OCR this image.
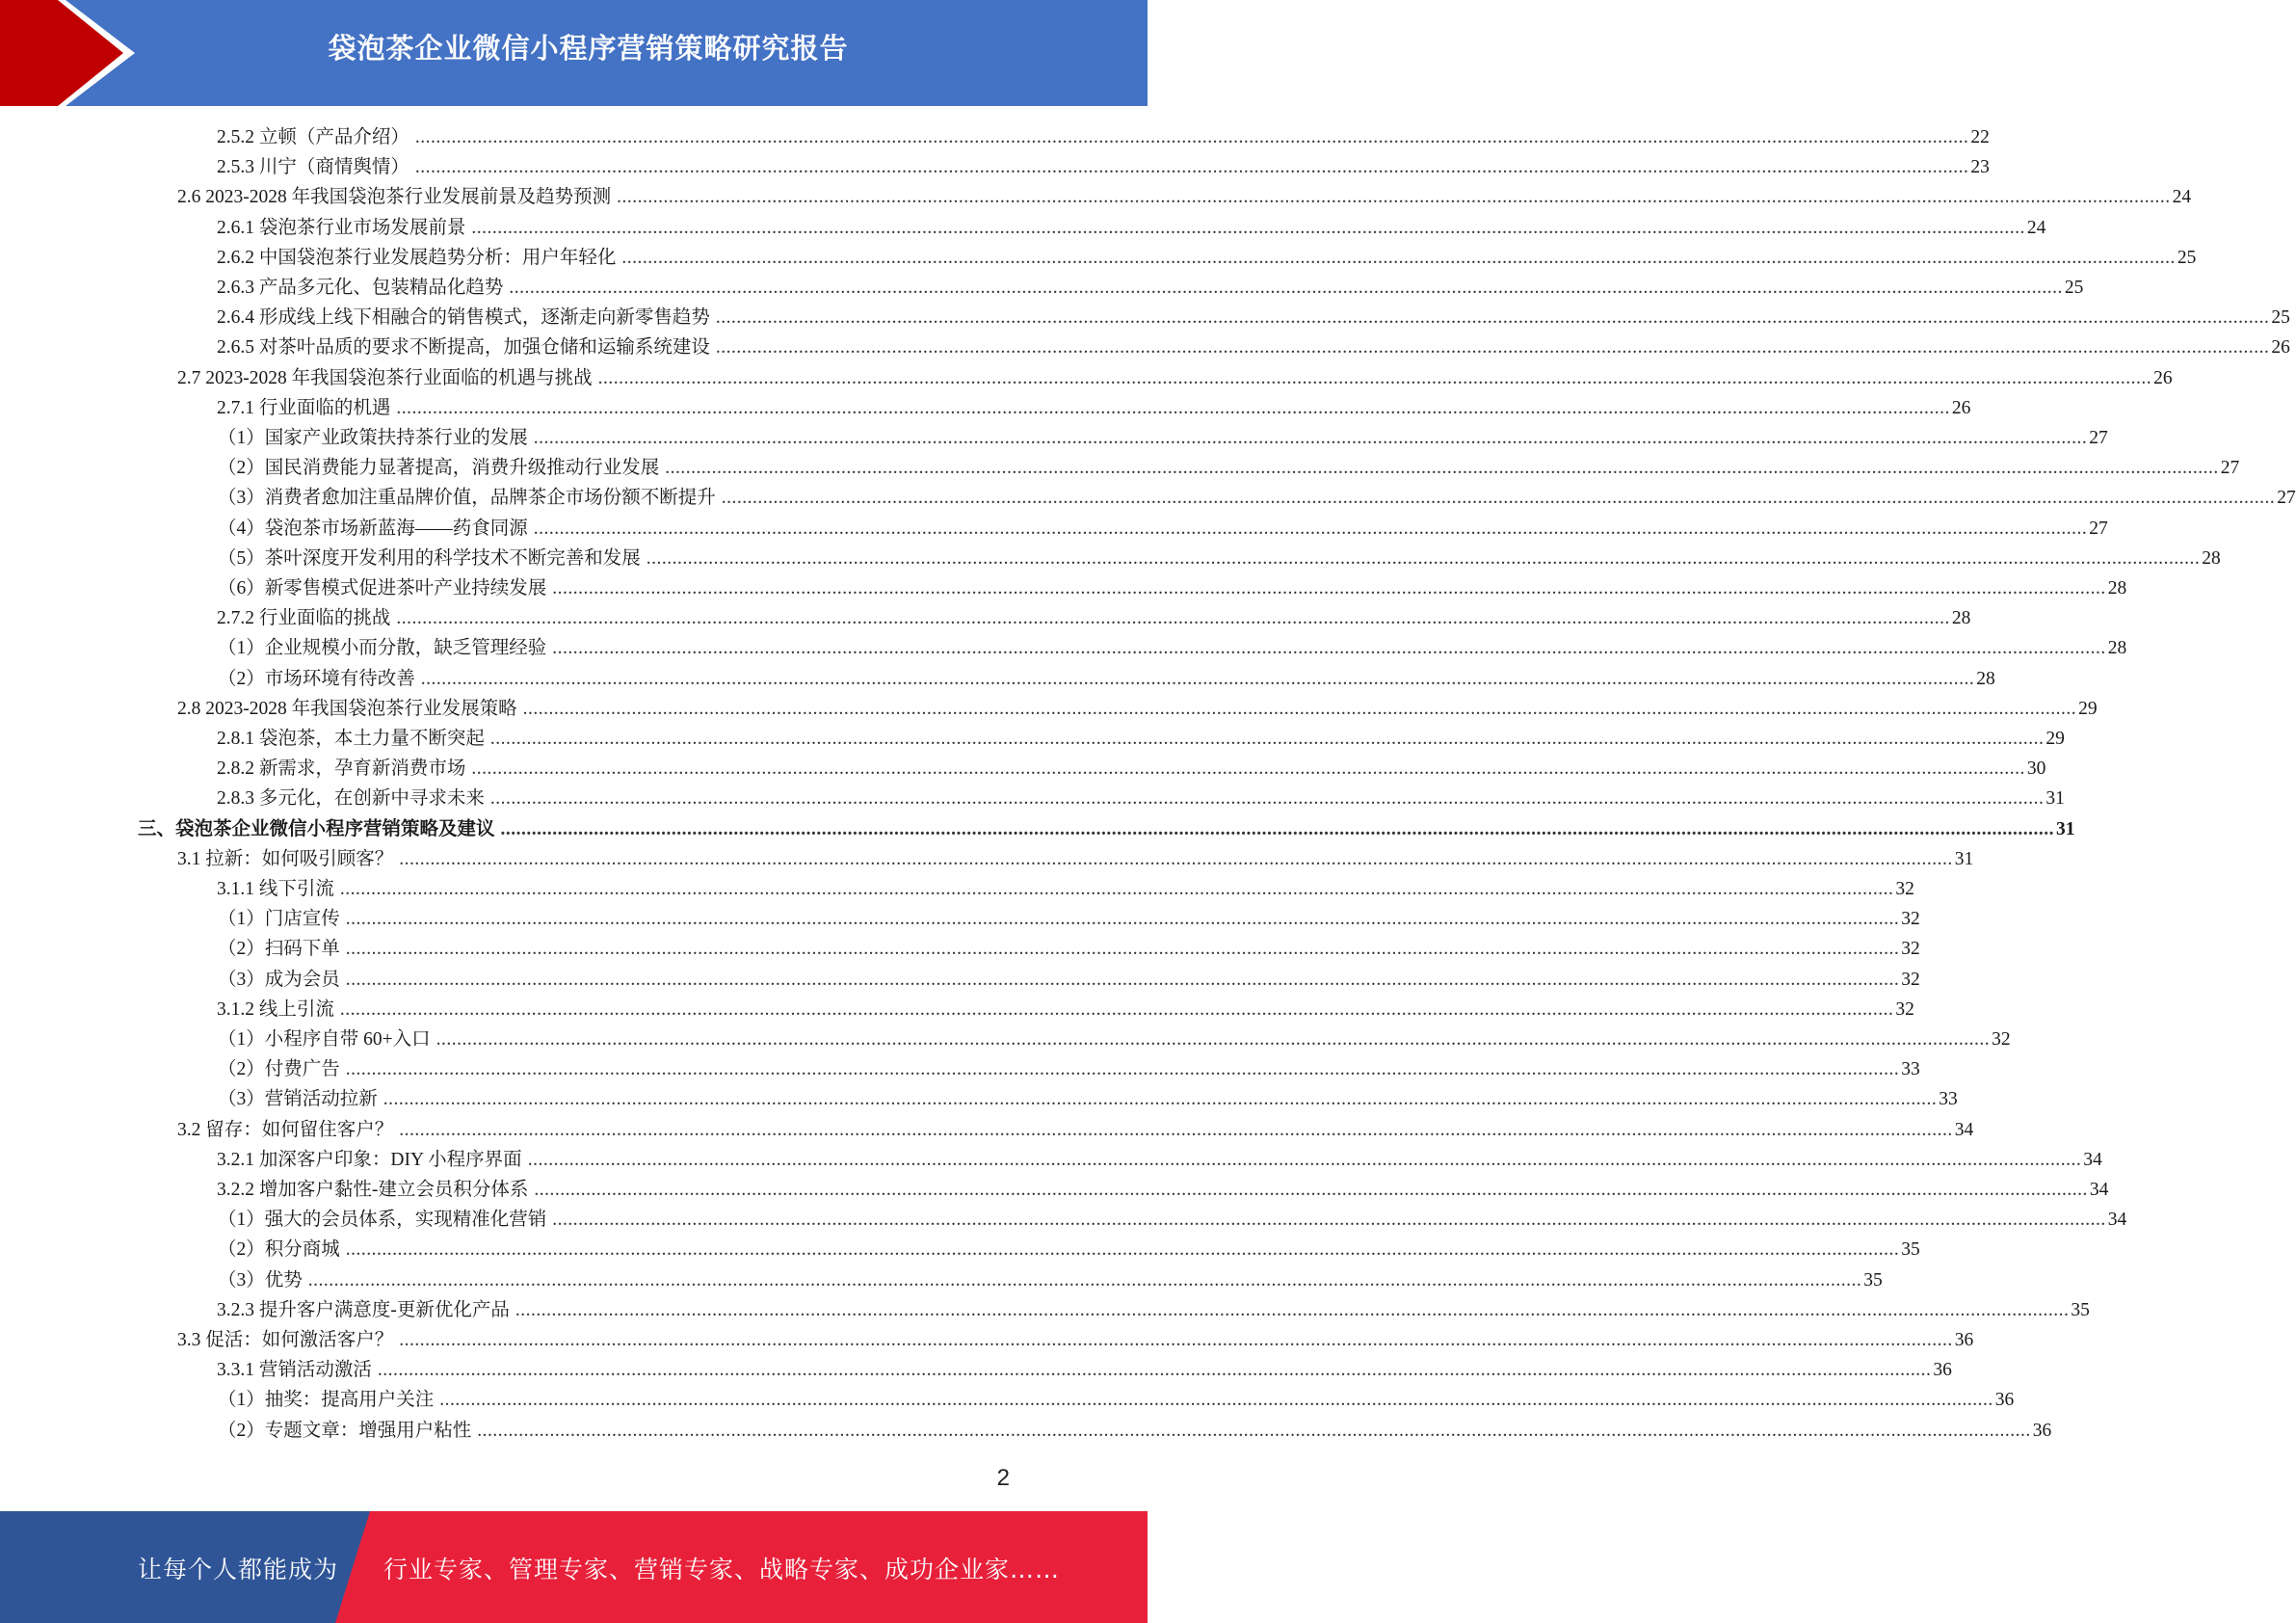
袋泡茶企业微信小程序营销策略研究报告
2.5.2 立顿（产品介绍） ............................................................................................................................................................................................................................................................................................................ 22
2.5.3 川宁（商情舆情） ............................................................................................................................................................................................................................................................................................................ 23
2.6 2023-2028 年我国袋泡茶行业发展前景及趋势预测 ............................................................................................................................................................................................................................................................................................................ 24
2.6.1 袋泡茶行业市场发展前景 ............................................................................................................................................................................................................................................................................................................ 24
2.6.2 中国袋泡茶行业发展趋势分析：用户年轻化 ............................................................................................................................................................................................................................................................................................................ 25
2.6.3 产品多元化、包装精品化趋势 ............................................................................................................................................................................................................................................................................................................ 25
2.6.4 形成线上线下相融合的销售模式，逐渐走向新零售趋势 ............................................................................................................................................................................................................................................................................................................ 25
2.6.5 对茶叶品质的要求不断提高，加强仓储和运输系统建设 ............................................................................................................................................................................................................................................................................................................ 26
2.7 2023-2028 年我国袋泡茶行业面临的机遇与挑战 ............................................................................................................................................................................................................................................................................................................ 26
2.7.1 行业面临的机遇 ............................................................................................................................................................................................................................................................................................................ 26
（1）国家产业政策扶持茶行业的发展 ............................................................................................................................................................................................................................................................................................................ 27
（2）国民消费能力显著提高，消费升级推动行业发展 ............................................................................................................................................................................................................................................................................................................ 27
（3）消费者愈加注重品牌价值，品牌茶企市场份额不断提升 ............................................................................................................................................................................................................................................................................................................ 27
（4）袋泡茶市场新蓝海——药食同源 ............................................................................................................................................................................................................................................................................................................ 27
（5）茶叶深度开发利用的科学技术不断完善和发展 ............................................................................................................................................................................................................................................................................................................ 28
（6）新零售模式促进茶叶产业持续发展 ............................................................................................................................................................................................................................................................................................................ 28
2.7.2 行业面临的挑战 ............................................................................................................................................................................................................................................................................................................ 28
（1）企业规模小而分散，缺乏管理经验 ............................................................................................................................................................................................................................................................................................................ 28
（2）市场环境有待改善 ............................................................................................................................................................................................................................................................................................................ 28
2.8 2023-2028 年我国袋泡茶行业发展策略 ............................................................................................................................................................................................................................................................................................................ 29
2.8.1 袋泡茶，本土力量不断突起 ............................................................................................................................................................................................................................................................................................................ 29
2.8.2 新需求，孕育新消费市场 ............................................................................................................................................................................................................................................................................................................ 30
2.8.3 多元化，在创新中寻求未来 ............................................................................................................................................................................................................................................................................................................ 31
三、袋泡茶企业微信小程序营销策略及建议 ............................................................................................................................................................................................................................................................................................................ 31
3.1 拉新：如何吸引顾客？ ............................................................................................................................................................................................................................................................................................................ 31
3.1.1 线下引流 ............................................................................................................................................................................................................................................................................................................ 32
（1）门店宣传 ............................................................................................................................................................................................................................................................................................................ 32
（2）扫码下单 ............................................................................................................................................................................................................................................................................................................ 32
（3）成为会员 ............................................................................................................................................................................................................................................................................................................ 32
3.1.2 线上引流 ............................................................................................................................................................................................................................................................................................................ 32
（1）小程序自带 60+入口 ............................................................................................................................................................................................................................................................................................................ 32
（2）付费广告 ............................................................................................................................................................................................................................................................................................................ 33
（3）营销活动拉新 ............................................................................................................................................................................................................................................................................................................ 33
3.2 留存：如何留住客户？ ............................................................................................................................................................................................................................................................................................................ 34
3.2.1 加深客户印象：DIY 小程序界面 ............................................................................................................................................................................................................................................................................................................ 34
3.2.2 增加客户黏性-建立会员积分体系 ............................................................................................................................................................................................................................................................................................................ 34
（1）强大的会员体系，实现精准化营销 ............................................................................................................................................................................................................................................................................................................ 34
（2）积分商城 ............................................................................................................................................................................................................................................................................................................ 35
（3）优势 ............................................................................................................................................................................................................................................................................................................ 35
3.2.3 提升客户满意度-更新优化产品 ............................................................................................................................................................................................................................................................................................................ 35
3.3 促活：如何激活客户？ ............................................................................................................................................................................................................................................................................................................ 36
3.3.1 营销活动激活 ............................................................................................................................................................................................................................................................................................................ 36
（1）抽奖：提高用户关注 ............................................................................................................................................................................................................................................................................................................ 36
（2）专题文章：增强用户粘性 ............................................................................................................................................................................................................................................................................................................ 36
2
让每个人都能成为 行业专家、管理专家、营销专家、战略专家、成功企业家……
